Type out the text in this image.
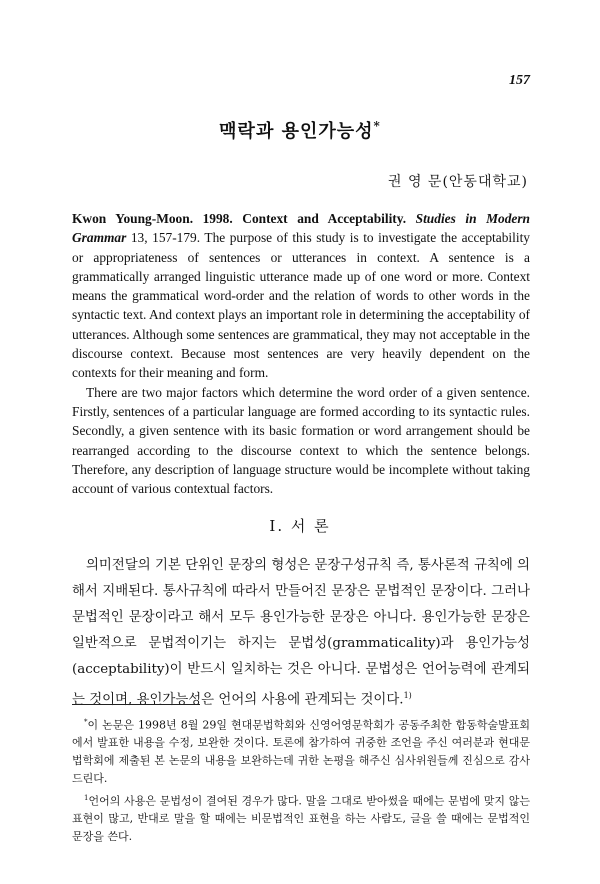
157
맥락과 용인가능성*
권 영 문(안동대학교)

Kwon Young-Moon. 1998. Context and Acceptability. Studies in Modern Grammar 13, 157-179. The purpose of this study is to investigate the acceptability or appropriateness of sentences or utterances in context. A sentence is a grammatically arranged linguistic utterance made up of one word or more. Context means the grammatical word-order and the relation of words to other words in the syntactic text. And context plays an important role in determining the acceptability of utterances. Although some sentences are grammatical, they may not acceptable in the discourse context. Because most sentences are very heavily dependent on the contexts for their meaning and form.

There are two major factors which determine the word order of a given sentence. Firstly, sentences of a particular language are formed according to its syntactic rules. Secondly, a given sentence with its basic formation or word arrangement should be rearranged according to the discourse context to which the sentence belongs. Therefore, any description of language structure would be incomplete without taking account of various contextual factors.

I. 서 론
의미전달의 기본 단위인 문장의 형성은 문장구성규칙 즉, 통사론적 규칙에 의해서 지배된다. 통사규칙에 따라서 만들어진 문장은 문법적인 문장이다. 그러나 문법적인 문장이라고 해서 모두 용인가능한 문장은 아니다. 용인가능한 문장은 일반적으로 문법적이기는 하지는 문법성(grammaticality)과 용인가능성(acceptability)이 반드시 일치하는 것은 아니다. 문법성은 언어능력에 관계되는 것이며, 용인가능성은 언어의 사용에 관계되는 것이다.$^{1)}$

*이 논문은 1998년 8월 29일 현대문법학회와 신영어영문학회가 공동주최한 합동학술발표회에서 발표한 내용을 수정, 보완한 것이다. 토론에 참가하여 귀중한 조언을 주신 여러분과 현대문법학회에 제출된 본 논문의 내용을 보완하는데 귀한 논평을 해주신 심사위원들께 진심으로 감사드린다.

$^1$언어의 사용은 문법성이 결여된 경우가 많다. 말을 그대로 받아썼을 때에는 문법에 맞지 않는 표현이 많고, 반대로 말을 할 때에는 비문법적인 표현을 하는 사람도, 글을 쓸 때에는 문법적인 문장을 쓴다.
